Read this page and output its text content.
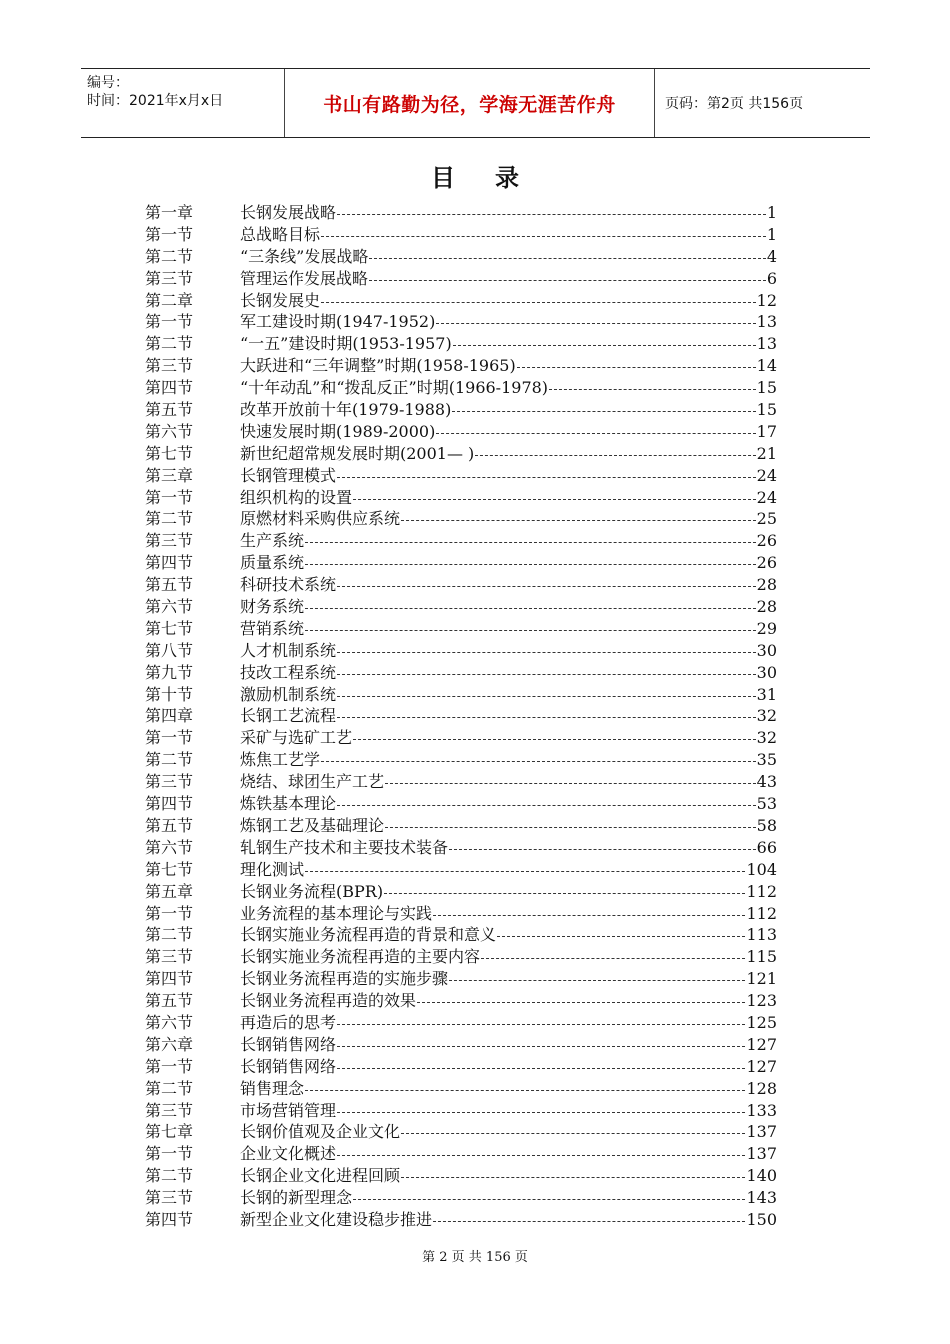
编号：
时间：2021年x月x日	书山有路勤为径，学海无涯苦作舟	页码：第2页 共156页
目录
第一章	长钢发展战略	1
第一节	总战略目标	1
第二节	“三条线”发展战略	4
第三节	管理运作发展战略	6
第二章	长钢发展史	12
第一节	军工建设时期(1947-1952)	13
第二节	“一五”建设时期(1953-1957)	13
第三节	大跃进和“三年调整”时期(1958-1965)	14
第四节	“十年动乱”和“拨乱反正”时期(1966-1978)	15
第五节	改革开放前十年(1979-1988)	15
第六节	快速发展时期(1989-2000)	17
第七节	新世纪超常规发展时期(2001— )	21
第三章	长钢管理模式	24
第一节	组织机构的设置	24
第二节	原燃材料采购供应系统	25
第三节	生产系统	26
第四节	质量系统	26
第五节	科研技术系统	28
第六节	财务系统	28
第七节	营销系统	29
第八节	人才机制系统	30
第九节	技改工程系统	30
第十节	激励机制系统	31
第四章	长钢工艺流程	32
第一节	采矿与选矿工艺	32
第二节	炼焦工艺学	35
第三节	烧结、球团生产工艺	43
第四节	炼铁基本理论	53
第五节	炼钢工艺及基础理论	58
第六节	轧钢生产技术和主要技术装备	66
第七节	理化测试	104
第五章	长钢业务流程(BPR)	112
第一节	业务流程的基本理论与实践	112
第二节	长钢实施业务流程再造的背景和意义	113
第三节	长钢实施业务流程再造的主要内容	115
第四节	长钢业务流程再造的实施步骤	121
第五节	长钢业务流程再造的效果	123
第六节	再造后的思考	125
第六章	长钢销售网络	127
第一节	长钢销售网络	127
第二节	销售理念	128
第三节	市场营销管理	133
第七章	长钢价值观及企业文化	137
第一节	企业文化概述	137
第二节	长钢企业文化进程回顾	140
第三节	长钢的新型理念	143
第四节	新型企业文化建设稳步推进	150
第 2 页 共 156 页
